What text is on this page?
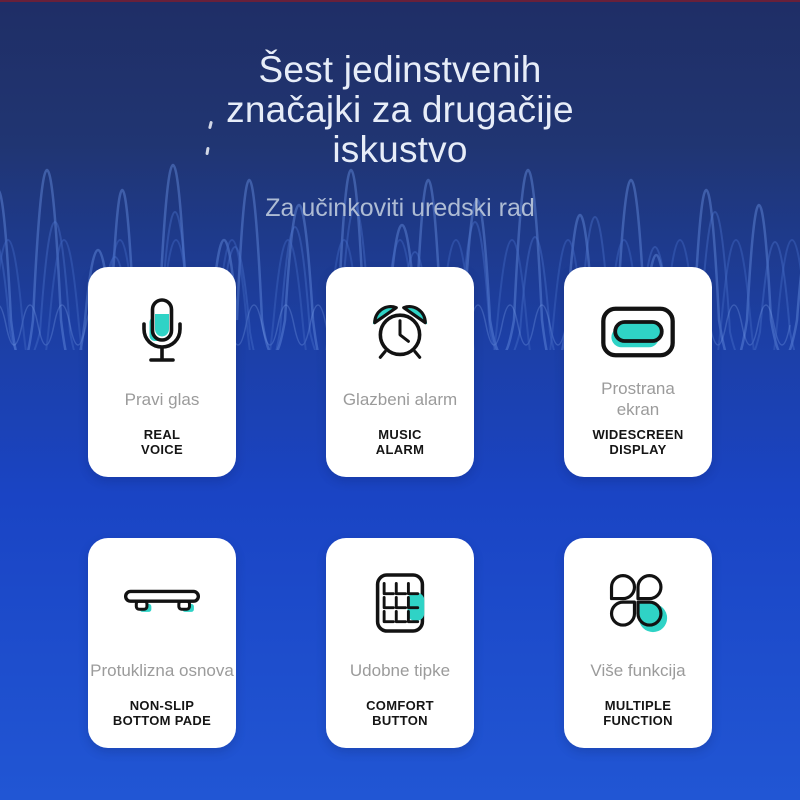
Šest jedinstvenih
značajki za drugačije
iskustvo
Za učinkoviti uredski rad
Pravi glas
REAL
VOICE
Glazbeni alarm
MUSIC
ALARM
Prostrana
ekran
WIDESCREEN
DISPLAY
Protuklizna osnova
NON-SLIP
BOTTOM PADE
Udobne tipke
COMFORT
BUTTON
Više funkcija
MULTIPLE
FUNCTION
